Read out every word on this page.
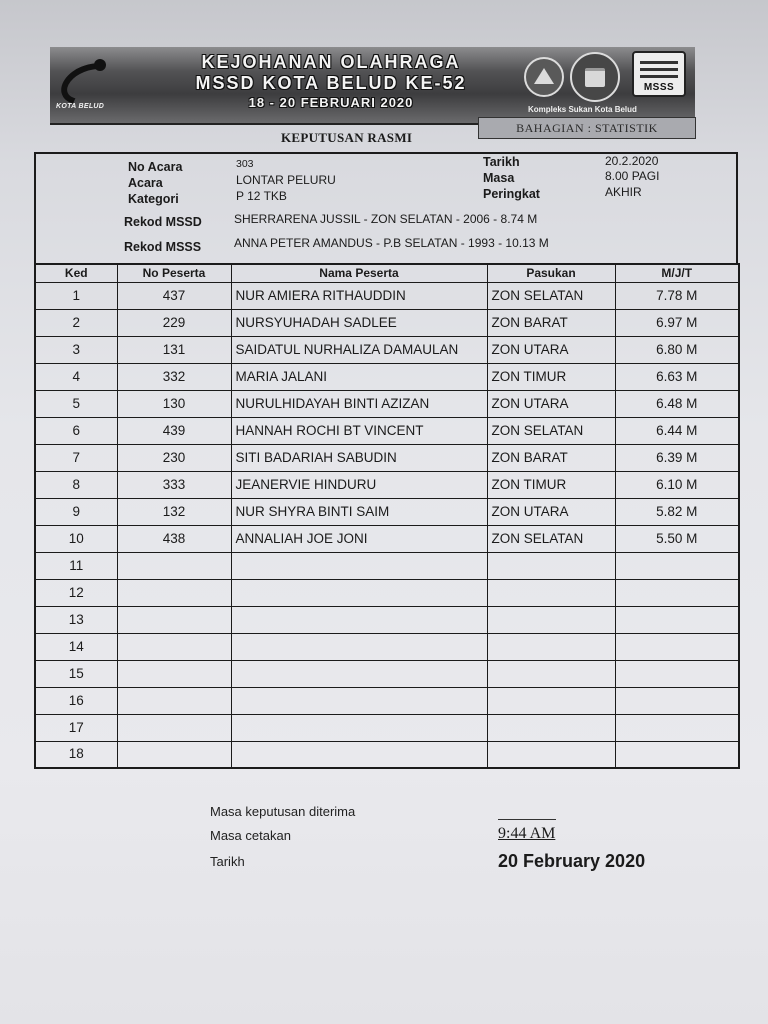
KOTA BELUD
KEJOHANAN OLAHRAGA
MSSD KOTA BELUD KE-52
18 - 20 FEBRUARI 2020
MSSS
Kompleks Sukan Kota Belud
KEPUTUSAN RASMI
BAHAGIAN : STATISTIK
No Acara	303
Acara	LONTAR PELURU
Kategori	P 12 TKB
Rekod MSSD	SHERRARENA JUSSIL - ZON SELATAN - 2006 - 8.74 M
Rekod MSSS	ANNA PETER AMANDUS - P.B SELATAN - 1993 - 10.13 M
Tarikh	20.2.2020
Masa	8.00 PAGI
Peringkat	AKHIR
Ked	No Peserta	Nama Peserta	Pasukan	M/J/T
1	437	NUR AMIERA RITHAUDDIN	ZON SELATAN	7.78 M
2	229	NURSYUHADAH SADLEE	ZON BARAT	6.97 M
3	131	SAIDATUL NURHALIZA DAMAULAN	ZON UTARA	6.80 M
4	332	MARIA JALANI	ZON TIMUR	6.63 M
5	130	NURULHIDAYAH BINTI AZIZAN	ZON UTARA	6.48 M
6	439	HANNAH ROCHI BT VINCENT	ZON SELATAN	6.44 M
7	230	SITI BADARIAH SABUDIN	ZON BARAT	6.39 M
8	333	JEANERVIE HINDURU	ZON TIMUR	6.10 M
9	132	NUR SHYRA BINTI SAIM	ZON UTARA	5.82 M
10	438	ANNALIAH JOE JONI	ZON SELATAN	5.50 M
11				
12				
13				
14				
15				
16				
17				
18				
Masa keputusan diterima
Masa cetakan	9:44 AM
Tarikh	20 February 2020
